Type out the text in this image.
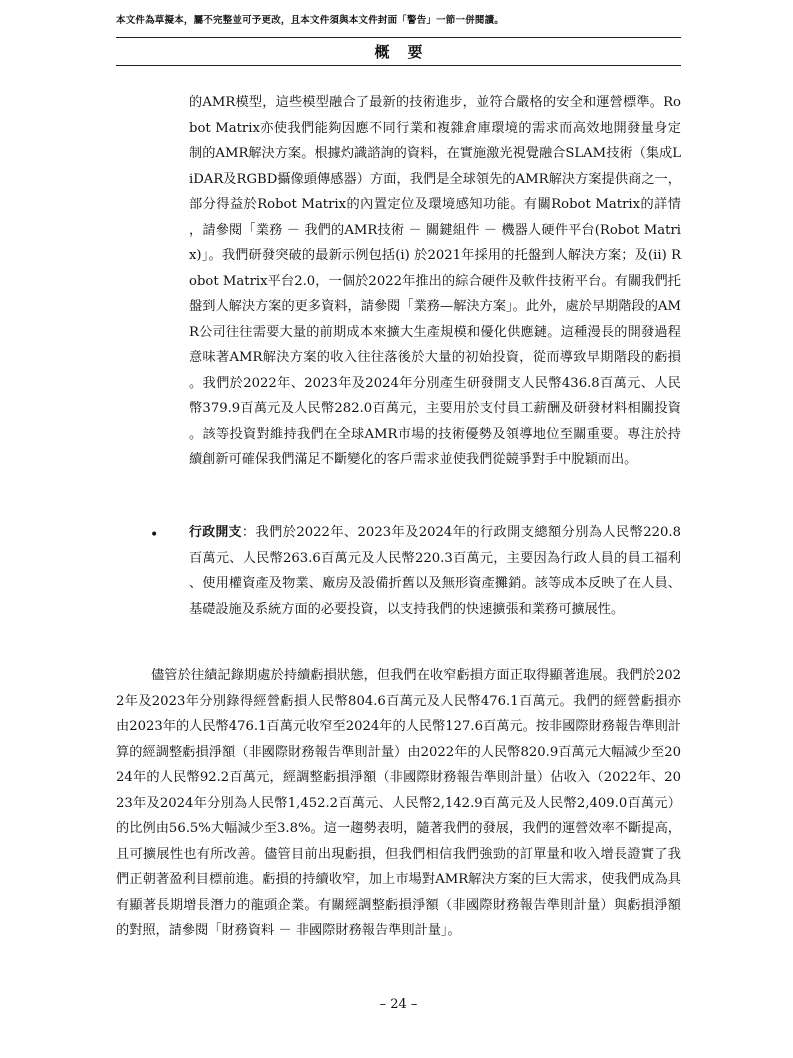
本文件為草擬本，屬不完整並可予更改，且本文件須與本文件封面「警告」一節一併閱讀。
概要
的AMR模型，這些模型融合了最新的技術進步，並符合嚴格的安全和運營標準。Robot Matrix亦使我們能夠因應不同行業和複雜倉庫環境的需求而高效地開發量身定制的AMR解決方案。根據灼識諮詢的資料，在實施激光視覺融合SLAM技術（集成LiDAR及RGBD攝像頭傳感器）方面，我們是全球領先的AMR解決方案提供商之一，部分得益於Robot Matrix的內置定位及環境感知功能。有關Robot Matrix的詳情，請參閱「業務 － 我們的AMR技術 － 關鍵組件 － 機器人硬件平台(Robot Matrix)」。我們研發突破的最新示例包括(i) 於2021年採用的托盤到人解決方案；及(ii) Robot Matrix平台2.0，一個於2022年推出的綜合硬件及軟件技術平台。有關我們托盤到人解決方案的更多資料，請參閱「業務—解決方案」。此外，處於早期階段的AMR公司往往需要大量的前期成本來擴大生產規模和優化供應鏈。這種漫長的開發過程意味著AMR解決方案的收入往往落後於大量的初始投資，從而導致早期階段的虧損。我們於2022年、2023年及2024年分別產生研發開支人民幣436.8百萬元、人民幣379.9百萬元及人民幣282.0百萬元，主要用於支付員工薪酬及研發材料相關投資。該等投資對維持我們在全球AMR市場的技術優勢及領導地位至關重要。專注於持續創新可確保我們滿足不斷變化的客戶需求並使我們從競爭對手中脫穎而出。
• 行政開支：我們於2022年、2023年及2024年的行政開支總額分別為人民幣220.8百萬元、人民幣263.6百萬元及人民幣220.3百萬元，主要因為行政人員的員工福利、使用權資產及物業、廠房及設備折舊以及無形資產攤銷。該等成本反映了在人員、基礎設施及系統方面的必要投資，以支持我們的快速擴張和業務可擴展性。
儘管於往績記錄期處於持續虧損狀態，但我們在收窄虧損方面正取得顯著進展。我們於2022年及2023年分別錄得經營虧損人民幣804.6百萬元及人民幣476.1百萬元。我們的經營虧損亦由2023年的人民幣476.1百萬元收窄至2024年的人民幣127.6百萬元。按非國際財務報告準則計算的經調整虧損淨額（非國際財務報告準則計量）由2022年的人民幣820.9百萬元大幅減少至2024年的人民幣92.2百萬元，經調整虧損淨額（非國際財務報告準則計量）佔收入（2022年、2023年及2024年分別為人民幣1,452.2百萬元、人民幣2,142.9百萬元及人民幣2,409.0百萬元）的比例由56.5%大幅減少至3.8%。這一趨勢表明，隨著我們的發展，我們的運營效率不斷提高，且可擴展性也有所改善。儘管目前出現虧損，但我們相信我們強勁的訂單量和收入增長證實了我們正朝著盈利目標前進。虧損的持續收窄，加上市場對AMR解決方案的巨大需求，使我們成為具有顯著長期增長潛力的龍頭企業。有關經調整虧損淨額（非國際財務報告準則計量）與虧損淨額的對照，請參閱「財務資料 － 非國際財務報告準則計量」。
– 24 –
